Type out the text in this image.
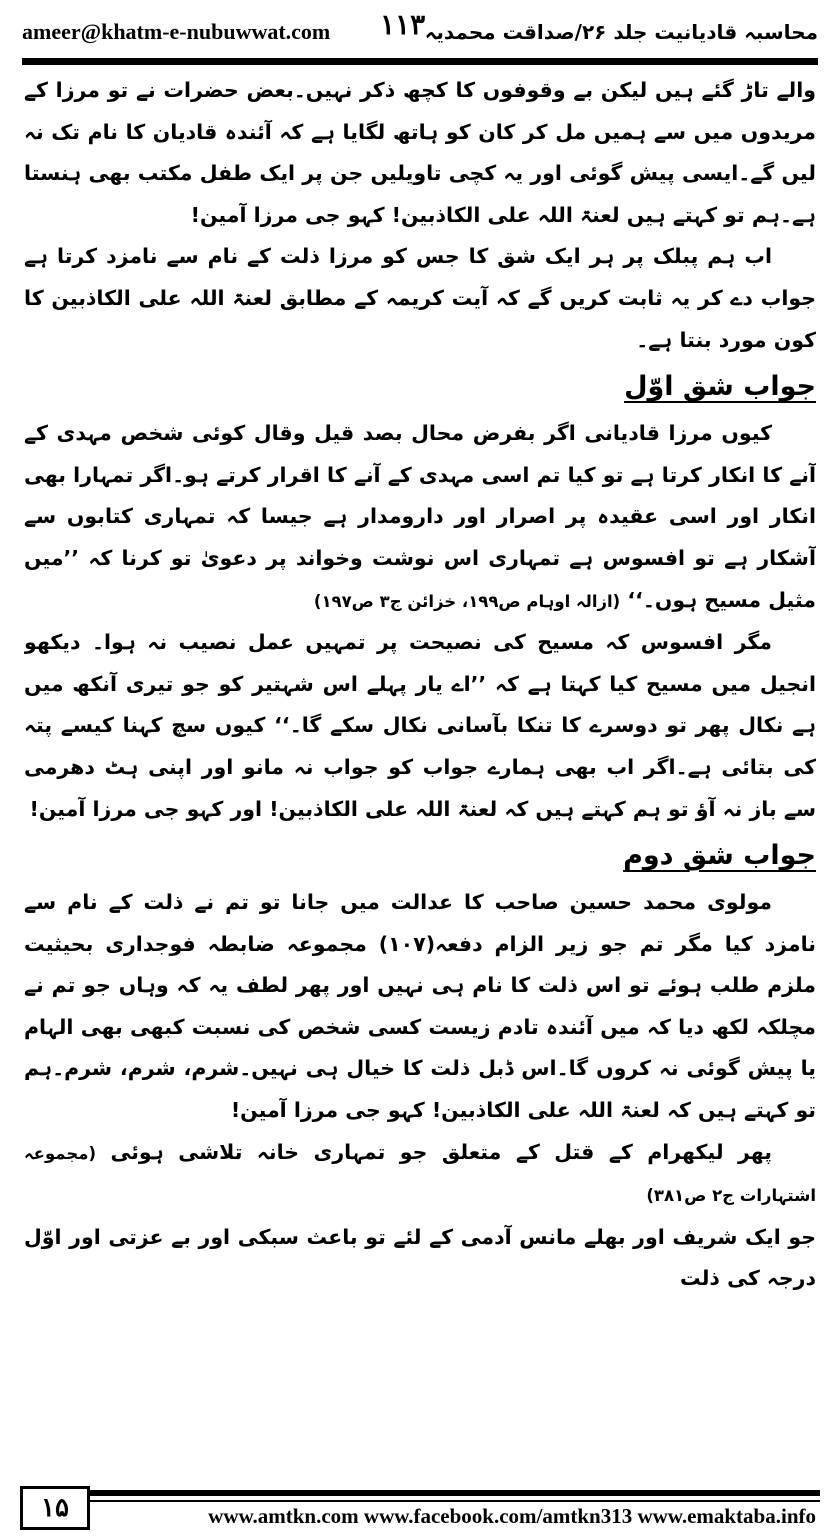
ameer@khatm-e-nubuwwat.com	محاسبہ قادیانیت جلد ۲۶/صداقت محمدیہ
۱۱۳

والے تاڑ گئے ہیں لیکن بے وقوفوں کا کچھ ذکر نہیں۔بعض حضرات نے تو مرزا کے مریدوں میں سے ہمیں مل کر کان کو ہاتھ لگایا ہے کہ آئندہ قادیان کا نام تک نہ لیں گے۔ایسی پیش گوئی اور یہ کچی تاویلیں جن پر ایک طفل مکتب بھی ہنستا ہے۔ہم تو کہتے ہیں لعنۃ اللہ علی الکاذبین! کہو جی مرزا آمین!

اب ہم پبلک پر ہر ایک شق کا جس کو مرزا ذلت کے نام سے نامزد کرتا ہے جواب دے کر یہ ثابت کریں گے کہ آیت کریمہ کے مطابق لعنۃ اللہ علی الکاذبین کا کون مورد بنتا ہے۔

جواب شق اوّل

کیوں مرزا قادیانی اگر بفرض محال بصد قیل وقال کوئی شخص مہدی کے آنے کا انکار کرتا ہے تو کیا تم اسی مہدی کے آنے کا اقرار کرتے ہو۔اگر تمہارا بھی انکار اور اسی عقیدہ پر اصرار اور دارومدار ہے جیسا کہ تمہاری کتابوں سے آشکار ہے تو افسوس ہے تمہاری اس نوشت وخواند پر دعویٰ تو کرنا کہ ’’میں مثیل مسیح ہوں۔‘‘ (ازالہ اوہام ص۱۹۹، خزائن ج۳ ص۱۹۷)

مگر افسوس کہ مسیح کی نصیحت پر تمہیں عمل نصیب نہ ہوا۔ دیکھو انجیل میں مسیح کیا کہتا ہے کہ ’’اے یار پہلے اس شہتیر کو جو تیری آنکھ میں ہے نکال پھر تو دوسرے کا تنکا بآسانی نکال سکے گا۔‘‘ کیوں سچ کہنا کیسے پتہ کی بتائی ہے۔اگر اب بھی ہمارے جواب کو جواب نہ مانو اور اپنی ہٹ دھرمی سے باز نہ آؤ تو ہم کہتے ہیں کہ لعنۃ اللہ علی الکاذبین! اور کہو جی مرزا آمین!

جواب شق دوم

مولوی محمد حسین صاحب کا عدالت میں جانا تو تم نے ذلت کے نام سے نامزد کیا مگر تم جو زیر الزام دفعہ(۱۰۷) مجموعہ ضابطہ فوجداری بحیثیت ملزم طلب ہوئے تو اس ذلت کا نام ہی نہیں اور پھر لطف یہ کہ وہاں جو تم نے مچلکہ لکھ دیا کہ میں آئندہ تادم زیست کسی شخص کی نسبت کبھی بھی الہام یا پیش گوئی نہ کروں گا۔اس ڈبل ذلت کا خیال ہی نہیں۔شرم، شرم، شرم۔ہم تو کہتے ہیں کہ لعنۃ اللہ علی الکاذبین! کہو جی مرزا آمین!

پھر لیکھرام کے قتل کے متعلق جو تمہاری خانہ تلاشی ہوئی (مجموعہ اشتہارات ج۲ ص۳۸۱)

جو ایک شریف اور بھلے مانس آدمی کے لئے تو باعث سبکی اور بے عزتی اور اوّل درجہ کی ذلت

۱۵	www.amtkn.com www.facebook.com/amtkn313 www.emaktaba.info
